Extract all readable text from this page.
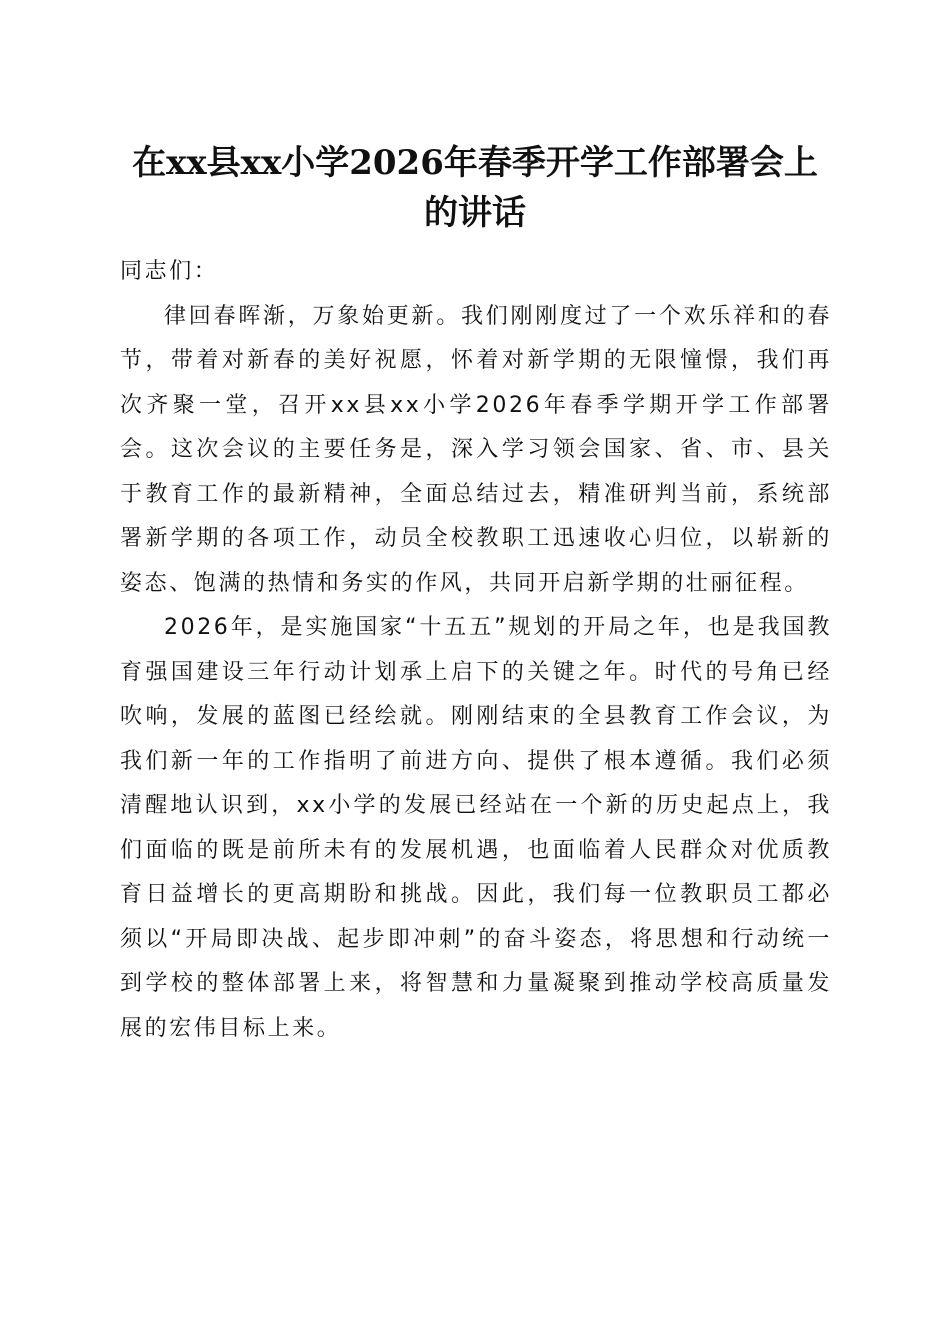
在xx县xx小学2026年春季开学工作部署会上的讲话

同志们：

律回春晖渐，万象始更新。我们刚刚度过了一个欢乐祥和的春节，带着对新春的美好祝愿，怀着对新学期的无限憧憬，我们再次齐聚一堂，召开xx县xx小学2026年春季学期开学工作部署会。这次会议的主要任务是，深入学习领会国家、省、市、县关于教育工作的最新精神，全面总结过去，精准研判当前，系统部署新学期的各项工作，动员全校教职工迅速收心归位，以崭新的姿态、饱满的热情和务实的作风，共同开启新学期的壮丽征程。

2026年，是实施国家“十五五”规划的开局之年，也是我国教育强国建设三年行动计划承上启下的关键之年。时代的号角已经吹响，发展的蓝图已经绘就。刚刚结束的全县教育工作会议，为我们新一年的工作指明了前进方向、提供了根本遵循。我们必须清醒地认识到，xx小学的发展已经站在一个新的历史起点上，我们面临的既是前所未有的发展机遇，也面临着人民群众对优质教育日益增长的更高期盼和挑战。因此，我们每一位教职员工都必须以“开局即决战、起步即冲刺”的奋斗姿态，将思想和行动统一到学校的整体部署上来，将智慧和力量凝聚到推动学校高质量发展的宏伟目标上来。
